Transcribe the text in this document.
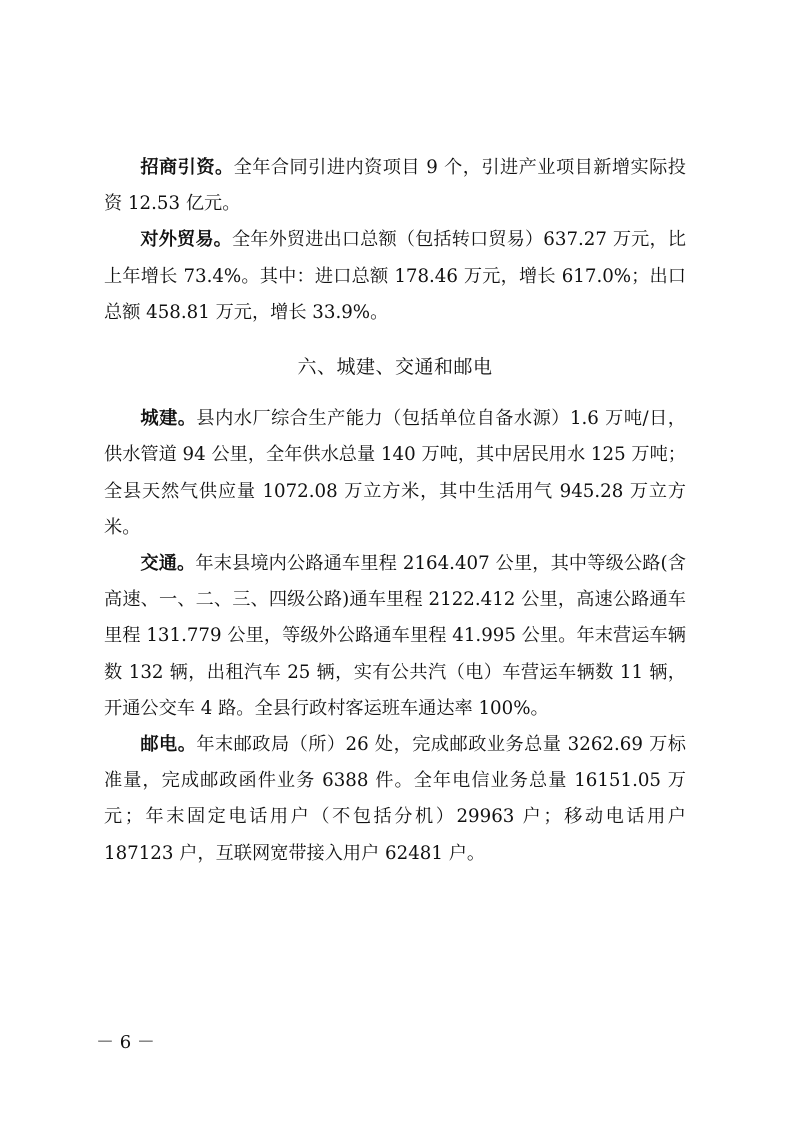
招商引资。全年合同引进内资项目 9 个，引进产业项目新增实际投资 12.53 亿元。

对外贸易。全年外贸进出口总额（包括转口贸易）637.27 万元，比上年增长 73.4%。其中：进口总额 178.46 万元，增长 617.0%；出口总额 458.81 万元，增长 33.9%。

六、城建、交通和邮电

城建。县内水厂综合生产能力（包括单位自备水源）1.6 万吨/日，供水管道 94 公里，全年供水总量 140 万吨，其中居民用水 125 万吨；全县天然气供应量 1072.08 万立方米，其中生活用气 945.28 万立方米。

交通。年末县境内公路通车里程 2164.407 公里，其中等级公路(含高速、一、二、三、四级公路)通车里程 2122.412 公里，高速公路通车里程 131.779 公里，等级外公路通车里程 41.995 公里。年末营运车辆数 132 辆，出租汽车 25 辆，实有公共汽（电）车营运车辆数 11 辆，开通公交车 4 路。全县行政村客运班车通达率 100%。

邮电。年末邮政局（所）26 处，完成邮政业务总量 3262.69 万标准量，完成邮政函件业务 6388 件。全年电信业务总量 16151.05 万元；年末固定电话用户（不包括分机）29963 户；移动电话用户 187123 户，互联网宽带接入用户 62481 户。

－ 6 －
